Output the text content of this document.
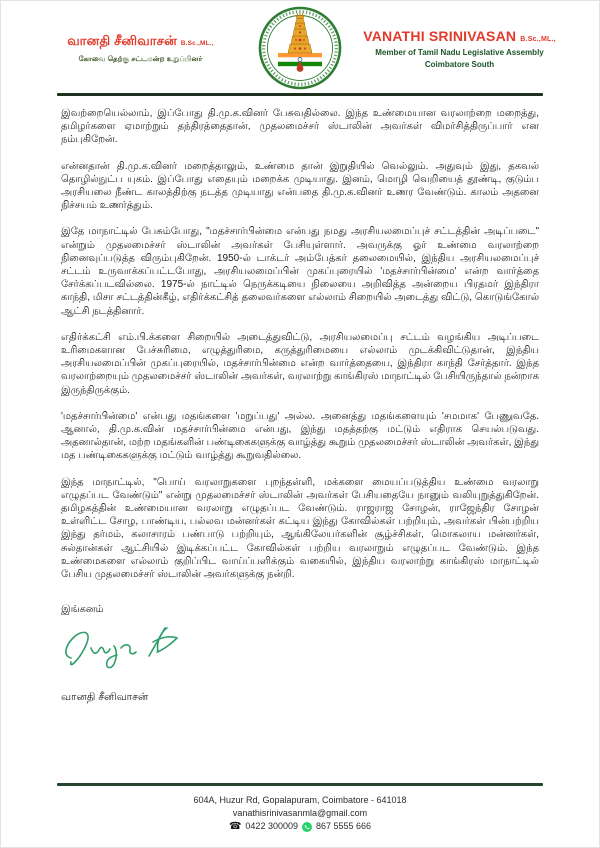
வானதி சீனிவாசன் B.Sc.,ML.,
கோவை தெற்கு சட்டமன்ற உறுப்பினர்
VANATHI SRINIVASAN B.Sc.,ML.,
Member of Tamil Nadu Legislative Assembly
Coimbatore South

இவற்றையெல்லாம், இப்போது தி.மு.க.வினர் பேசுவதில்லை. இந்த உண்மையான வரலாற்றை மறைத்து, தமிழர்களை ஏமாற்றும் தந்திரத்தைதான், முதலமைச்சர் ஸ்டாலின் அவர்கள் விமர்சித்திருப்பார் என நம்புகிறேன்.

என்னதான் தி.மு.க.வினர் மறைத்தாலும், உண்மை தான் இறுதியில் வெல்லும். அதுவும் இது, தகவல் தொழில்நுட்ப யுகம். இப்போது எதையும் மறைக்க முடியாது. இனம், மொழி வெறியைத் தூண்டி, குடும்ப அரசியலை நீண்ட காலத்திற்கு நடத்த முடியாது என்பதை தி.மு.க.வினர் உணர வேண்டும். காலம் அதனை நிச்சயம் உணர்த்தும்.

இதே மாநாட்டில் பேசும்போது, "மதச்சார்பின்மை என்பது நமது அரசியலமைப்புச் சட்டத்தின் அடிப்படை" என்றும் முதலமைச்சர் ஸ்டாலின் அவர்கள் பேசியுள்ளார். அவருக்கு ஓர் உண்மை வரலாற்றை நினைவுப்படுத்த விரும்புகிறேன். 1950-ல் டாக்டர் அம்பேத்கர் தலைமையில், இந்திய அரசியலமைப்புச் சட்டம் உருவாக்கப்பட்டபோது, அரசியலமைப்பின் முகப்புரையில் 'மதச்சார்பின்மை' என்ற வார்த்தை சேர்க்கப்படவில்லை. 1975-ல் நாட்டில் நெருக்கடியை நிலையை அறிவித்த அன்றைய பிரதமர் இந்திரா காந்தி, மிசா சட்டத்தின்கீழ், எதிர்க்கட்சித் தலைவர்களை எல்லாம் சிறையில் அடைத்து விட்டு, கொடுங்கோல் ஆட்சி நடத்தினார்.

எதிர்க்கட்சி எம்.பி.க்களை சிறையில் அடைத்துவிட்டு, அரசியலமைப்பு சட்டம் வழங்கிய அடிப்படை உரிமைகளான பேச்சுரிமை, எழுத்துரிமை, கருத்துரிமையை எல்லாம் முடக்கிவிட்டுதான், இந்திய அரசியலமைப்பின் முகப்புரையில், மதச்சார்பின்மை என்ற வார்த்தையை, இந்திரா காந்தி சேர்த்தார். இந்த வரலாற்றையும் முதலமைச்சர் ஸ்டாலின் அவர்கள், வரலாற்று காங்கிரஸ் மாநாட்டில் பேசியிருந்தால் நன்றாக இருந்திருக்கும்.

'மதச்சார்பின்மை' என்பது மதங்களை 'மறுப்பது' அல்ல. அனைத்து மதங்களையும் 'சமமாக' பேணுவதே. ஆனால், தி.மு.க.வின் மதச்சார்பின்மை என்பது, இந்து மதத்தற்கு மட்டும் எதிராக செயல்படுவது. அதனால்தான், மற்ற மதங்களின் பண்டிகைகளுக்கு வாழ்த்து கூறும் முதலமைச்சர் ஸ்டாலின் அவர்கள், இந்து மத பண்டிகைகளுக்கு மட்டும் வாழ்த்து கூறுவதில்லை.

இந்த மாநாட்டில், "பொய் வரலாறுகளை புறந்தள்ளி, மக்களை மையப்படுத்திய உண்மை வரலாறு எழுதப்பட வேண்டும்" என்று முதலமைச்சர் ஸ்டாலின் அவர்கள் பேசியதையே நானும் வலியுறுத்துகிறேன். தமிழகத்தின் உண்மையான வரலாறு எழுதப்பட வேண்டும். ராஜராஜ சோழன், ராஜேந்திர சோழன் உள்ளிட்ட சோழ, பாண்டிய, பல்லவ மன்னர்கள் கட்டிய இந்து கோவில்கள் பற்றியும், அவர்கள் பின்பற்றிய இந்து தர்மம், கலாசாரம் பண்பாடு பற்றியும், ஆங்கிலேயர்களின் சூழ்ச்சிகள், மொகலாய மன்னர்கள், சுல்தான்கள் ஆட்சியில் இடிக்கப்பட்ட கோவில்கள் பற்றிய வரலாறும் எழுதப்பட வேண்டும். இந்த உண்மைகளை எல்லாம் குறிப்பிட வாய்ப்பளிக்கும் வகையில், இந்திய வரலாற்று காங்கிரஸ் மாநாட்டில் பேசிய முதலமைச்சர் ஸ்டாலின் அவர்களுக்கு நன்றி.

இங்கனம்
வானதி சீனிவாசன்
604A, Huzur Rd, Gopalapuram, Coimbatore - 641018
vanathisrinivasanmla@gmail.com
☎ 0422 300009 867 5555 666
